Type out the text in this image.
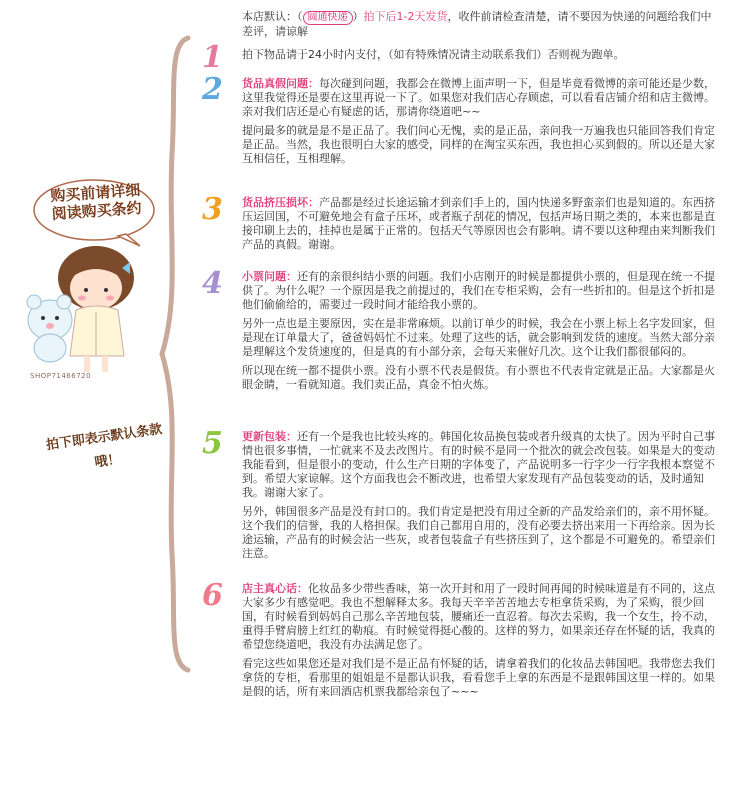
购买前请详细阅读购买条约
SHOP71466720
拍下即表示默认条款哦！
本店默认：（ 圆通快递 ）拍下后1-2天发货，收件前请检查清楚，请不要因为快递的问题给我们中差评，请谅解
1 拍下物品请于24小时内支付，（如有特殊情况请主动联系我们）否则视为跑单。

2 货品真假问题：每次碰到问题，我都会在微博上面声明一下，但是毕竟看微博的亲可能还是少数，这里我觉得还是要在这里再说一下了。如果您对我们店心存顾虑，可以看看店铺介绍和店主微博。亲对我们店还是心有疑虑的话，那请你绕道吧~~

提问最多的就是是不是正品了。我们问心无愧，卖的是正品，亲问我一万遍我也只能回答我们肯定是正品。当然，我也很明白大家的感受，同样的在淘宝买东西，我也担心买到假的。所以还是大家互相信任，互相理解。

3 货品挤压损坏：产品都是经过长途运输才到亲们手上的，国内快递多野蛮亲们也是知道的。东西挤压运回国，不可避免地会有盒子压坏，或者瓶子刮花的情况，包括声场日期之类的，本来也都是直接印刷上去的，挂掉也是属于正常的。包括天气等原因也会有影响。请不要以这种理由来判断我们产品的真假。谢谢。

4 小票问题：还有的亲很纠结小票的问题。我们小店刚开的时候是都提供小票的，但是现在统一不提供了。为什么呢？一个原因是我之前提过的，我们在专柜采购，会有一些折扣的。但是这个折扣是他们偷偷给的，需要过一段时间才能给我小票的。

另外一点也是主要原因，实在是非常麻烦。以前订单少的时候，我会在小票上标上名字发回家，但是现在订单量大了，爸爸妈妈忙不过来。处理了这些的话，就会影响到发货的速度。当然大部分亲是理解这个发货速度的，但是真的有小部分亲，会每天来催好几次。这个让我们都很郁闷的。

所以现在统一都不提供小票。没有小票不代表是假货。有小票也不代表肯定就是正品。大家都是火眼金睛，一看就知道。我们卖正品，真金不怕火炼。

5 更新包装：还有一个是我也比较头疼的。韩国化妆品换包装或者升级真的太快了。因为平时自己事情也很多事情，一忙就来不及去改图片。有的时候不是同一个批次的就会改包装。如果是大的变动我能看到，但是很小的变动，什么生产日期的字体变了，产品说明多一行字少一行字我根本察觉不到。希望大家谅解。这个方面我也会不断改进，也希望大家发现有产品包装变动的话，及时通知我。谢谢大家了。

另外，韩国很多产品是没有封口的。我们肯定是把没有用过全新的产品发给亲们的，亲不用怀疑。这个我们的信誉，我的人格担保。我们自己都用自用的，没有必要去挤出来用一下再给亲。因为长途运输，产品有的时候会沾一些灰，或者包装盒子有些挤压到了，这个都是不可避免的。希望亲们注意。

6 店主真心话：化妆品多少带些香味，第一次开封和用了一段时间再闻的时候味道是有不同的，这点大家多少有感觉吧。我也不想解释太多。我每天辛辛苦苦地去专柜拿货采购，为了采购，很少回国，有时候看到妈妈自己那么辛苦地包装，腰痛还一直忍着。每次去采购，我一个女生，拎不动，重得手臂肩膀上红红的勒痕。有时候觉得挺心酸的。这样的努力，如果亲还存在怀疑的话，我真的希望您绕道吧，我没有办法满足您了。

看完这些如果您还是对我们是不是正品有怀疑的话，请拿着我们的化妆品去韩国吧。我带您去我们拿货的专柜，看那里的姐姐是不是都认识我，看看您手上拿的东西是不是跟韩国这里一样的。如果是假的话，所有来回酒店机票我都给亲包了~~~
